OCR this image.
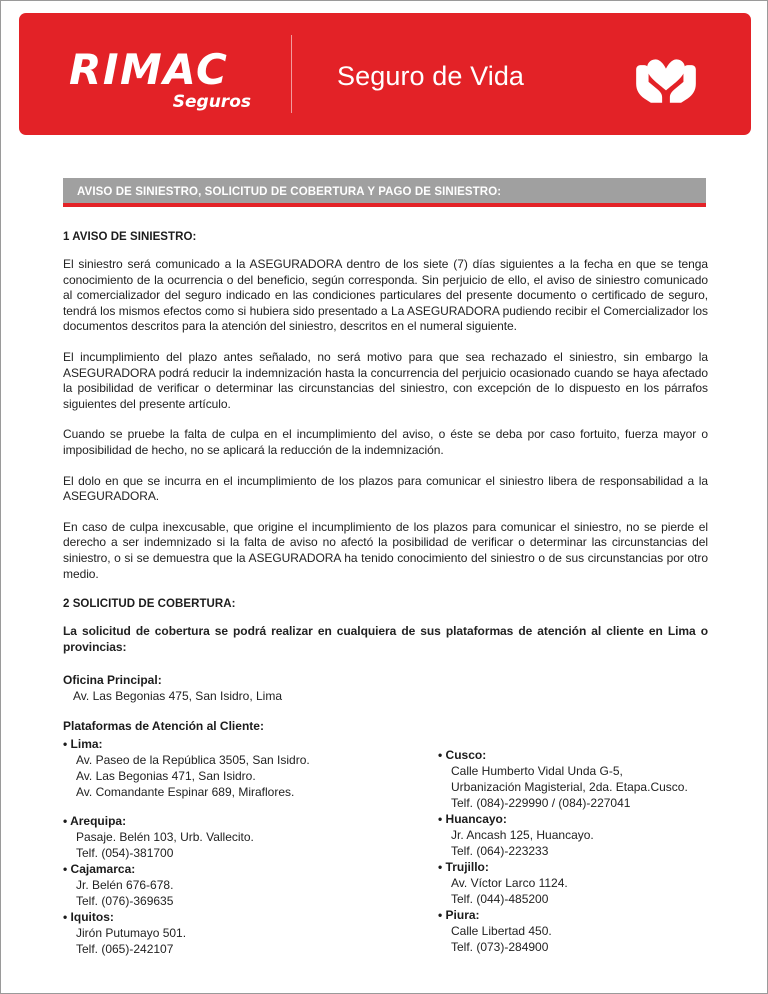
RIMAC
Seguros
Seguro de Vida
AVISO DE SINIESTRO, SOLICITUD DE COBERTURA Y PAGO DE SINIESTRO:
1 AVISO DE SINIESTRO:

El siniestro será comunicado a la ASEGURADORA dentro de los siete (7) días siguientes a la fecha en que se tenga conocimiento de la ocurrencia o del beneficio, según corresponda. Sin perjuicio de ello, el aviso de siniestro comunicado al comercializador del seguro indicado en las condiciones particulares del presente documento o certificado de seguro, tendrá los mismos efectos como si hubiera sido presentado a La ASEGURADORA pudiendo recibir el Comercializador los documentos descritos para la atención del siniestro, descritos en el numeral siguiente.

El incumplimiento del plazo antes señalado, no será motivo para que sea rechazado el siniestro, sin embargo la ASEGURADORA podrá reducir la indemnización hasta la concurrencia del perjuicio ocasionado cuando se haya afectado la posibilidad de verificar o determinar las circunstancias del siniestro, con excepción de lo dispuesto en los párrafos siguientes del presente artículo.

Cuando se pruebe la falta de culpa en el incumplimiento del aviso, o éste se deba por caso fortuito, fuerza mayor o imposibilidad de hecho, no se aplicará la reducción de la indemnización.

El dolo en que se incurra en el incumplimiento de los plazos para comunicar el siniestro libera de responsabilidad a la ASEGURADORA.

En caso de culpa inexcusable, que origine el incumplimiento de los plazos para comunicar el siniestro, no se pierde el derecho a ser indemnizado si la falta de aviso no afectó la posibilidad de verificar o determinar las circunstancias del siniestro, o si se demuestra que la ASEGURADORA ha tenido conocimiento del siniestro o de sus circunstancias por otro medio.

2 SOLICITUD DE COBERTURA:

La solicitud de cobertura se podrá realizar en cualquiera de sus plataformas de atención al cliente en Lima o provincias:

Oficina Principal:
Av. Las Begonias 475, San Isidro, Lima
Plataformas de Atención al Cliente:
• Lima:
Av. Paseo de la República 3505, San Isidro.
Av. Las Begonias 471, San Isidro.
Av. Comandante Espinar 689, Miraflores.
• Arequipa:
Pasaje. Belén 103, Urb. Vallecito.
Telf. (054)-381700
• Cajamarca:
Jr. Belén 676-678.
Telf. (076)-369635
• Iquitos:
Jirón Putumayo 501.
Telf. (065)-242107
• Cusco:
Calle Humberto Vidal Unda G-5,
Urbanización Magisterial, 2da. Etapa.Cusco.
Telf. (084)-229990 / (084)-227041
• Huancayo:
Jr. Ancash 125, Huancayo.
Telf. (064)-223233
• Trujillo:
Av. Víctor Larco 1124.
Telf. (044)-485200
• Piura:
Calle Libertad 450.
Telf. (073)-284900
